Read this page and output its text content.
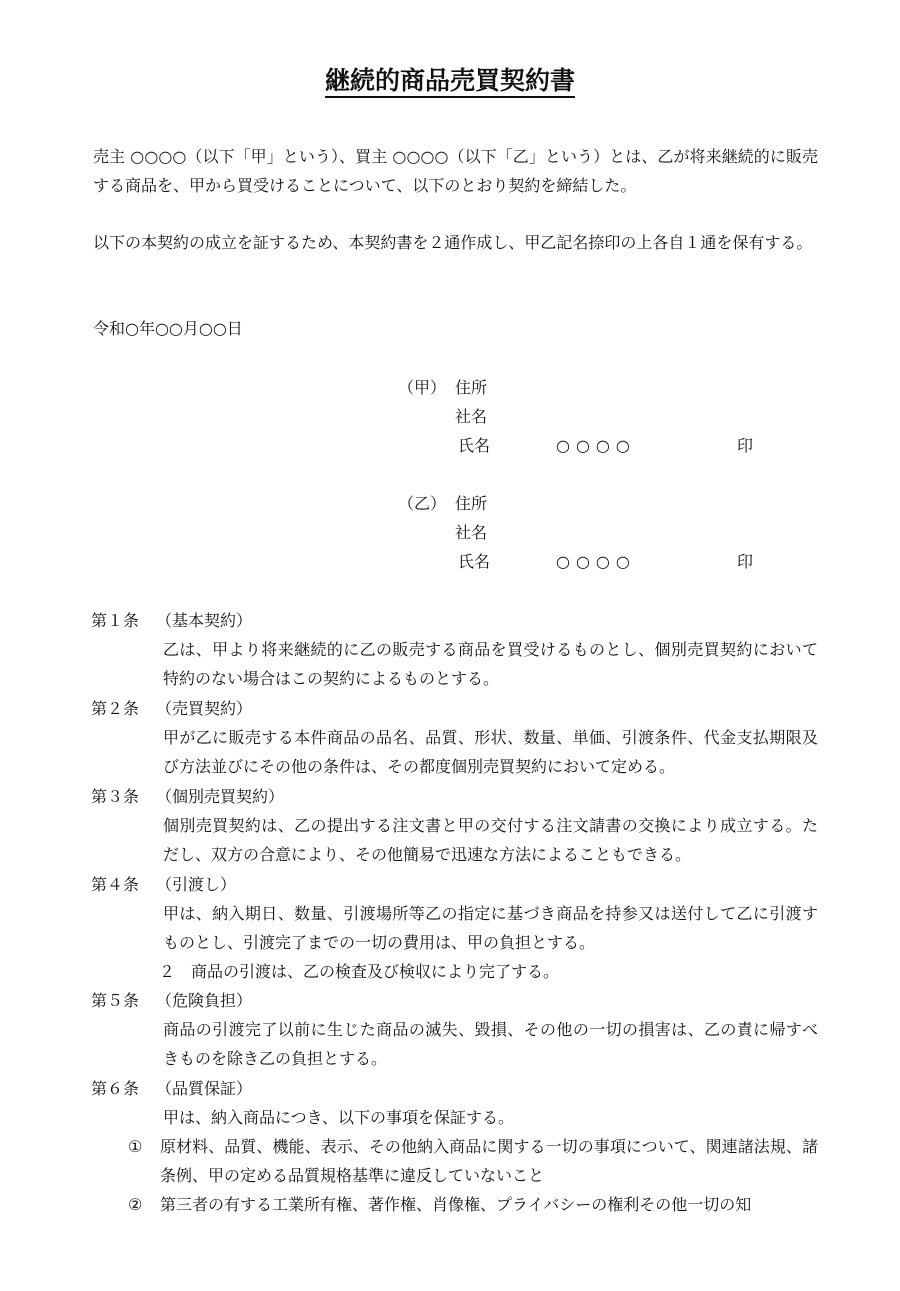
継続的商品売買契約書

売主 ○○○○（以下「甲」という）、買主 ○○○○（以下「乙」という）とは、乙が将来継続的に販売する商品を、甲から買受けることについて、以下のとおり契約を締結した。

以下の本契約の成立を証するため、本契約書を２通作成し、甲乙記名捺印の上各自１通を保有する。

令和○年○○月○○日
（甲） 住所
社名
氏名	○○○○	印
（乙） 住所
社名
氏名	○○○○	印
第１条 （基本契約）

乙は、甲より将来継続的に乙の販売する商品を買受けるものとし、個別売買契約において特約のない場合はこの契約によるものとする。

第２条 （売買契約）

甲が乙に販売する本件商品の品名、品質、形状、数量、単価、引渡条件、代金支払期限及び方法並びにその他の条件は、その都度個別売買契約において定める。

第３条 （個別売買契約）

個別売買契約は、乙の提出する注文書と甲の交付する注文請書の交換により成立する。ただし、双方の合意により、その他簡易で迅速な方法によることもできる。

第４条 （引渡し）

甲は、納入期日、数量、引渡場所等乙の指定に基づき商品を持参又は送付して乙に引渡すものとし、引渡完了までの一切の費用は、甲の負担とする。

２　商品の引渡は、乙の検査及び検収により完了する。
第５条 （危険負担）

商品の引渡完了以前に生じた商品の滅失、毀損、その他の一切の損害は、乙の責に帰すべきものを除き乙の負担とする。

第６条 （品質保証）
甲は、納入商品につき、以下の事項を保証する。
① 原材料、品質、機能、表示、その他納入商品に関する一切の事項について、関連諸法規、諸条例、甲の定める品質規格基準に違反していないこと

② 第三者の有する工業所有権、著作権、肖像権、プライバシーの権利その他一切の知
